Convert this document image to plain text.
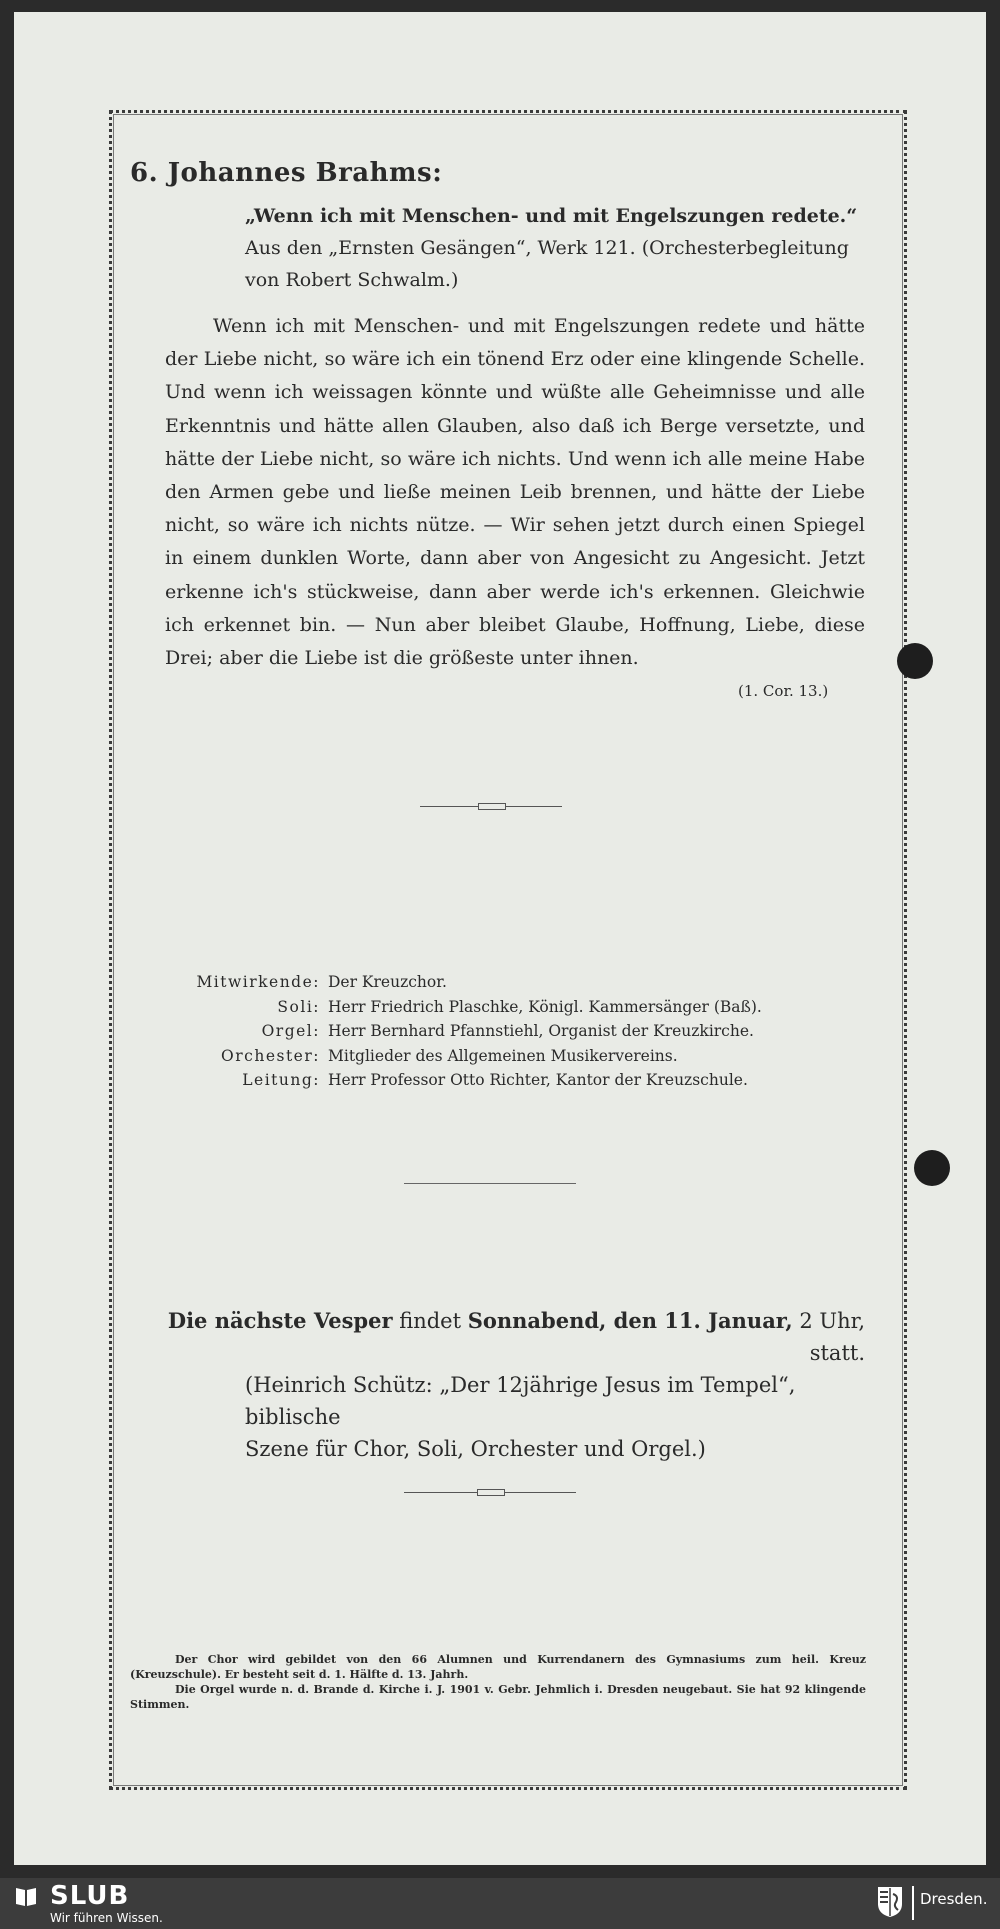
6. Johannes Brahms:
„Wenn ich mit Menschen- und mit Engelszungen redete.“
Aus den „Ernsten Gesängen“, Werk 121. (Orchesterbegleitung
von Robert Schwalm.)

Wenn ich mit Menschen- und mit Engelszungen redete und hätte der Liebe nicht, so wäre ich ein tönend Erz oder eine klingende Schelle. Und wenn ich weissagen könnte und wüßte alle Geheimnisse und alle Erkenntnis und hätte allen Glauben, also daß ich Berge versetzte, und hätte der Liebe nicht, so wäre ich nichts. Und wenn ich alle meine Habe den Armen gebe und ließe meinen Leib brennen, und hätte der Liebe nicht, so wäre ich nichts nütze. — Wir sehen jetzt durch einen Spiegel in einem dunklen Worte, dann aber von Angesicht zu Angesicht. Jetzt erkenne ich's stückweise, dann aber werde ich's erkennen. Gleichwie ich erkennet bin. — Nun aber bleibet Glaube, Hoffnung, Liebe, diese Drei; aber die Liebe ist die größeste unter ihnen.

(1. Cor. 13.)
Mitwirkende: Der Kreuzchor.
Soli: Herr Friedrich Plaschke, Königl. Kammersänger (Baß).
Orgel: Herr Bernhard Pfannstiehl, Organist der Kreuzkirche.
Orchester: Mitglieder des Allgemeinen Musikervereins.
Leitung: Herr Professor Otto Richter, Kantor der Kreuzschule.
Die nächste Vesper findet Sonnabend, den 11. Januar, 2 Uhr, statt.
(Heinrich Schütz: „Der 12jährige Jesus im Tempel“, biblische
Szene für Chor, Soli, Orchester und Orgel.)

Der Chor wird gebildet von den 66 Alumnen und Kurrendanern des Gymnasiums zum heil. Kreuz (Kreuzschule). Er besteht seit d. 1. Hälfte d. 13. Jahrh.

Die Orgel wurde n. d. Brande d. Kirche i. J. 1901 v. Gebr. Jehmlich i. Dresden neugebaut. Sie hat 92 klingende Stimmen.

SLUB
Wir führen Wissen.
Dresden.
